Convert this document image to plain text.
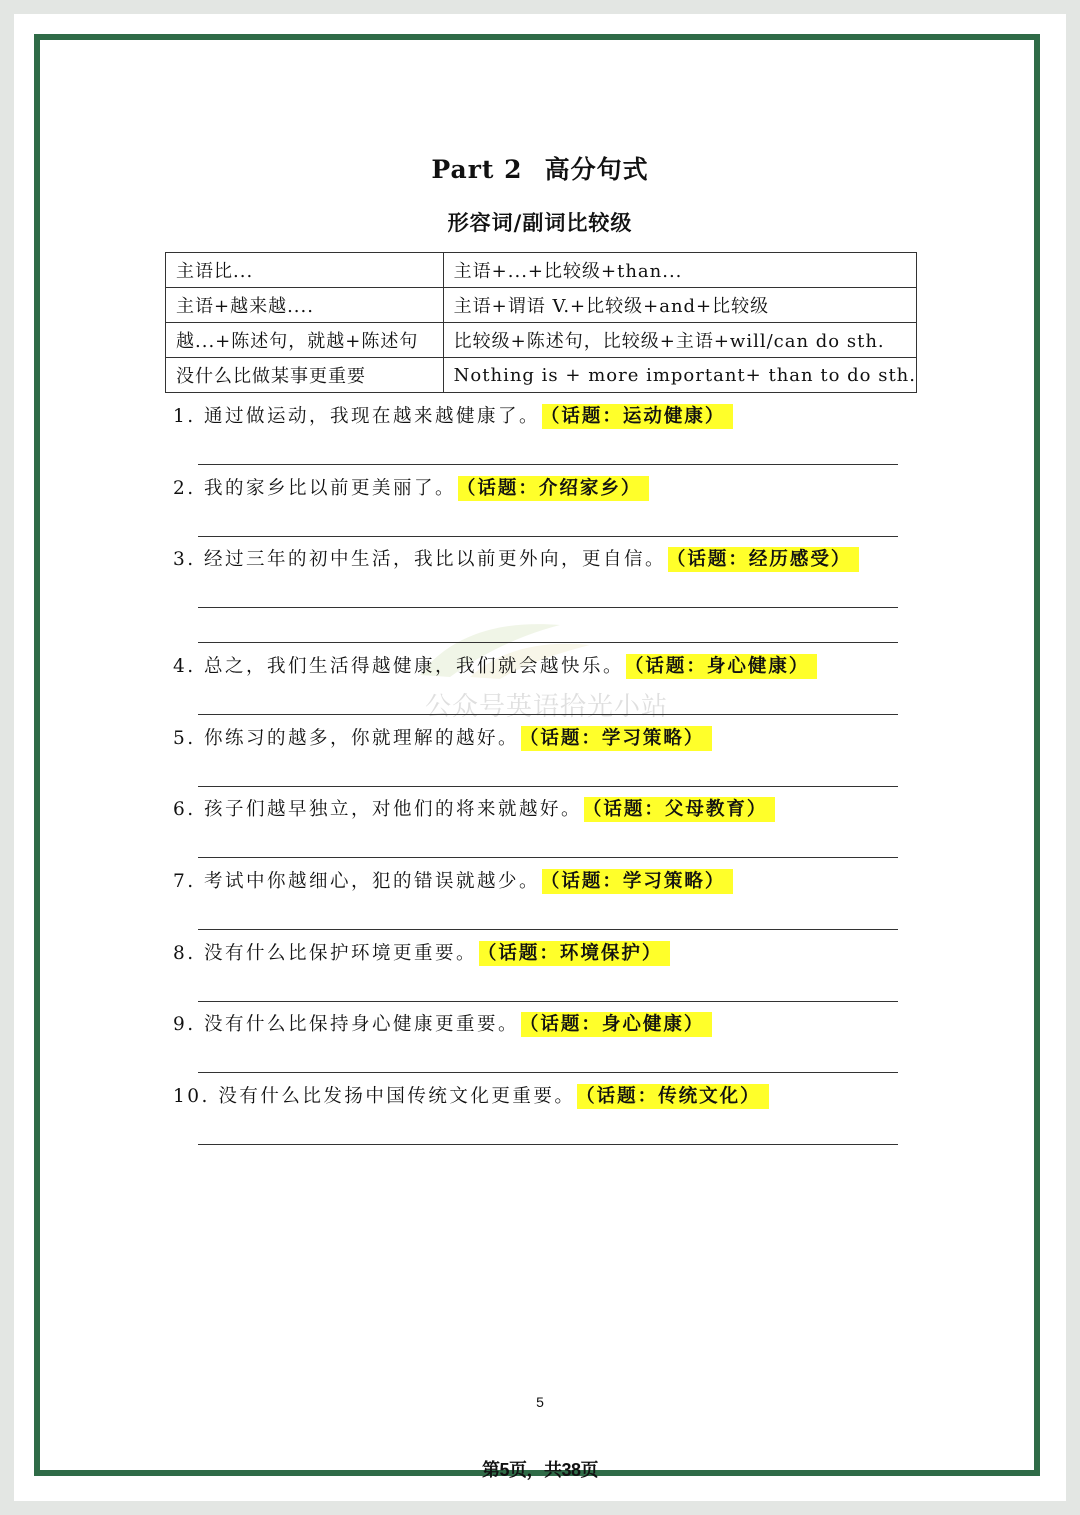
Part 2 高分句式
形容词/副词比较级
主语比...	主语+...+比较级+than...
主语+越来越....	主语+谓语 V.+比较级+and+比较级
越...+陈述句，就越+陈述句	比较级+陈述句，比较级+主语+will/can do sth.
没什么比做某事更重要	Nothing is + more important+ than to do sth.
公众号英语拾光小站
1. 通过做运动，我现在越来越健康了。 （话题：运动健康）
2. 我的家乡比以前更美丽了。 （话题：介绍家乡）
3. 经过三年的初中生活，我比以前更外向，更自信。 （话题：经历感受）
4. 总之，我们生活得越健康，我们就会越快乐。 （话题：身心健康）
5. 你练习的越多，你就理解的越好。 （话题：学习策略）
6. 孩子们越早独立，对他们的将来就越好。 （话题：父母教育）
7. 考试中你越细心，犯的错误就越少。 （话题：学习策略）
8. 没有什么比保护环境更重要。 （话题：环境保护）
9. 没有什么比保持身心健康更重要。 （话题：身心健康）
10. 没有什么比发扬中国传统文化更重要。 （话题：传统文化）
5
第5页，共38页
